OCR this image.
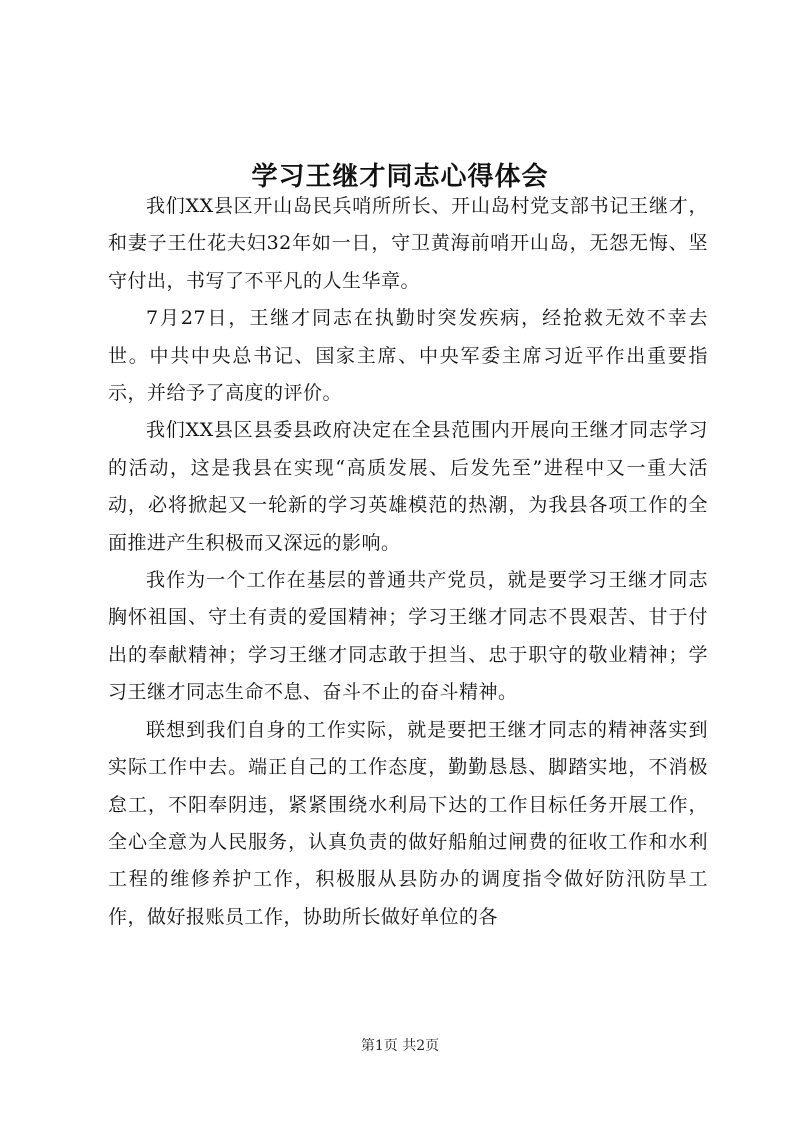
学习王继才同志心得体会

我们XX县区开山岛民兵哨所所长、开山岛村党支部书记王继才，和妻子王仕花夫妇32年如一日，守卫黄海前哨开山岛，无怨无悔、坚守付出，书写了不平凡的人生华章。

7月27日，王继才同志在执勤时突发疾病，经抢救无效不幸去世。中共中央总书记、国家主席、中央军委主席习近平作出重要指示，并给予了高度的评价。

我们XX县区县委县政府决定在全县范围内开展向王继才同志学习的活动，这是我县在实现“高质发展、后发先至”进程中又一重大活动，必将掀起又一轮新的学习英雄模范的热潮，为我县各项工作的全面推进产生积极而又深远的影响。

我作为一个工作在基层的普通共产党员，就是要学习王继才同志胸怀祖国、守土有责的爱国精神；学习王继才同志不畏艰苦、甘于付出的奉献精神；学习王继才同志敢于担当、忠于职守的敬业精神；学习王继才同志生命不息、奋斗不止的奋斗精神。

联想到我们自身的工作实际，就是要把王继才同志的精神落实到实际工作中去。端正自己的工作态度，勤勤恳恳、脚踏实地，不消极怠工，不阳奉阴违，紧紧围绕水利局下达的工作目标任务开展工作，全心全意为人民服务，认真负责的做好船舶过闸费的征收工作和水利工程的维修养护工作，积极服从县防办的调度指令做好防汛防旱工作，做好报账员工作，协助所长做好单位的各

第1页 共2页
